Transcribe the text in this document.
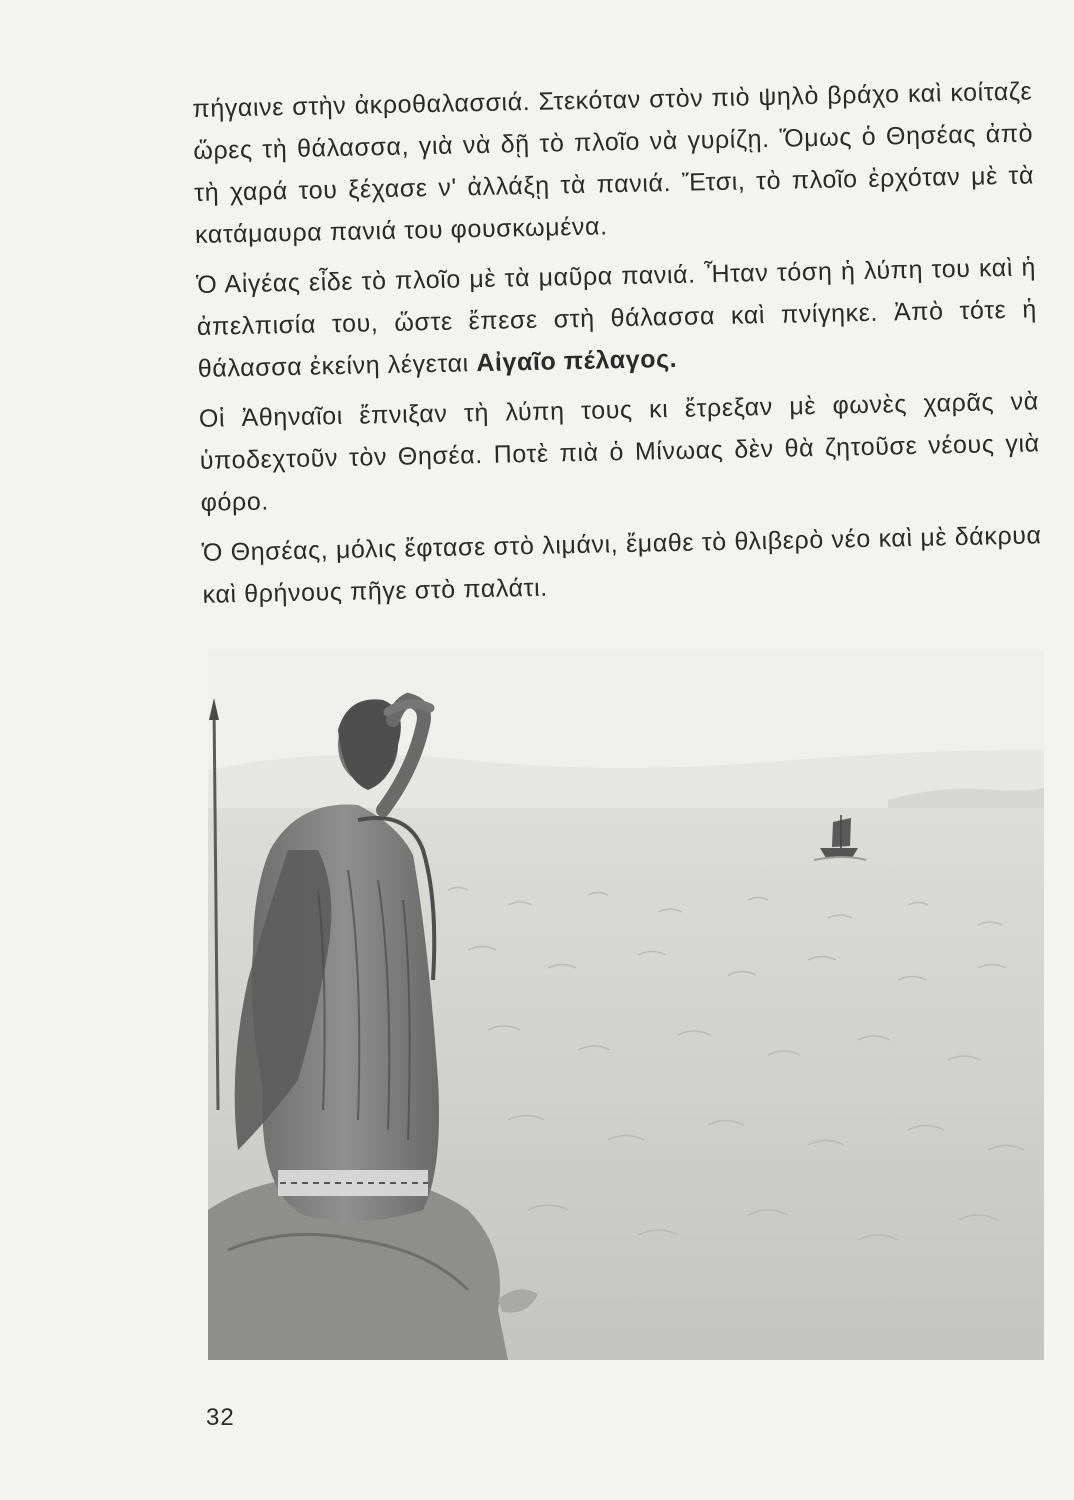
πήγαινε στὴν ἀκροθαλασσιά. Στεκόταν στὸν πιὸ ψηλὸ βράχο καὶ κοίταζε ὥρες τὴ θάλασσα, γιὰ νὰ δῇ τὸ πλοῖο νὰ γυρίζῃ. Ὅμως ὁ Θησέας ἀπὸ τὴ χαρά του ξέχασε ν' ἀλλάξῃ τὰ πανιά. Ἔτσι, τὸ πλοῖο ἐρχόταν μὲ τὰ κατάμαυρα πανιά του φουσκωμένα.

Ὁ Αἰγέας εἶδε τὸ πλοῖο μὲ τὰ μαῦρα πανιά. Ἦταν τόση ἡ λύπη του καὶ ἡ ἀπελπισία του, ὥστε ἔπεσε στὴ θάλασσα καὶ πνίγηκε. Ἀπὸ τότε ἡ θάλασσα ἐκείνη λέγεται Αἰγαῖο πέλαγος.

Οἱ Ἀθηναῖοι ἔπνιξαν τὴ λύπη τους κι ἔτρεξαν μὲ φωνὲς χαρᾶς νὰ ὑποδεχτοῦν τὸν Θησέα. Ποτὲ πιὰ ὁ Μίνωας δὲν θὰ ζητοῦσε νέους γιὰ φόρο.

Ὁ Θησέας, μόλις ἔφτασε στὸ λιμάνι, ἔμαθε τὸ θλιβερὸ νέο καὶ μὲ δάκρυα καὶ θρήνους πῆγε στὸ παλάτι.

32
